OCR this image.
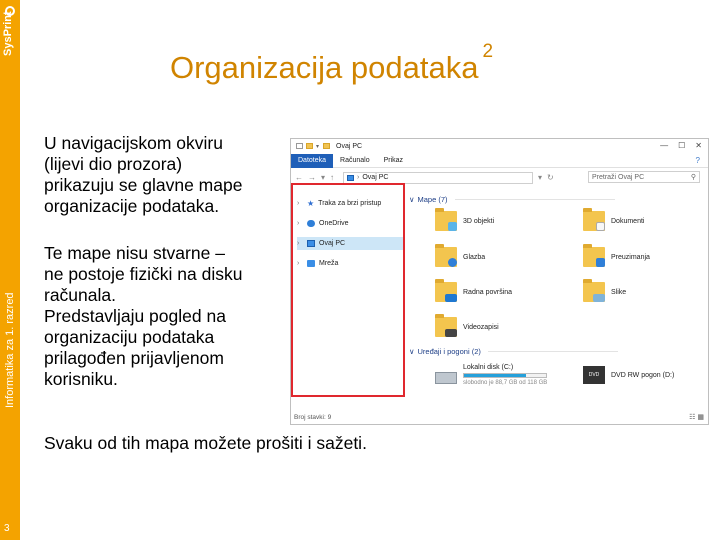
SysPrint
Informatika za 1. razred
3
Organizacija podataka $^2$
U navigacijskom okviru
(lijevi dio prozora)
prikazuju se glavne mape
organizacije podataka.
Te mape nisu stvarne –
ne postoje fizički na disku
računala.
Predstavljaju pogled na
organizaciju podataka
prilagođen prijavljenom
korisniku.
Svaku od tih mapa možete prošiti i sažeti.
▾ Ovaj PC	— ☐ ✕
Datoteka	Računalo	Prikaz	?
← → ▾ ↑	› Ovaj PC	▾ ↻	Pretraži Ovaj PC	⚲
› ★ Traka za brzi pristup
›	OneDrive
›	Ovaj PC
›	Mreža
∨ Mape (7)
3D objekti	Dokumenti
Glazba	Preuzimanja
Radna površina	Slike
Videozapisi
∨ Uređaji i pogoni (2)
Lokalni disk (C:)
slobodno je 88,7 GB od 118 GB
DVD	DVD RW pogon (D:)
Broj stavki: 9	☷ ▦
